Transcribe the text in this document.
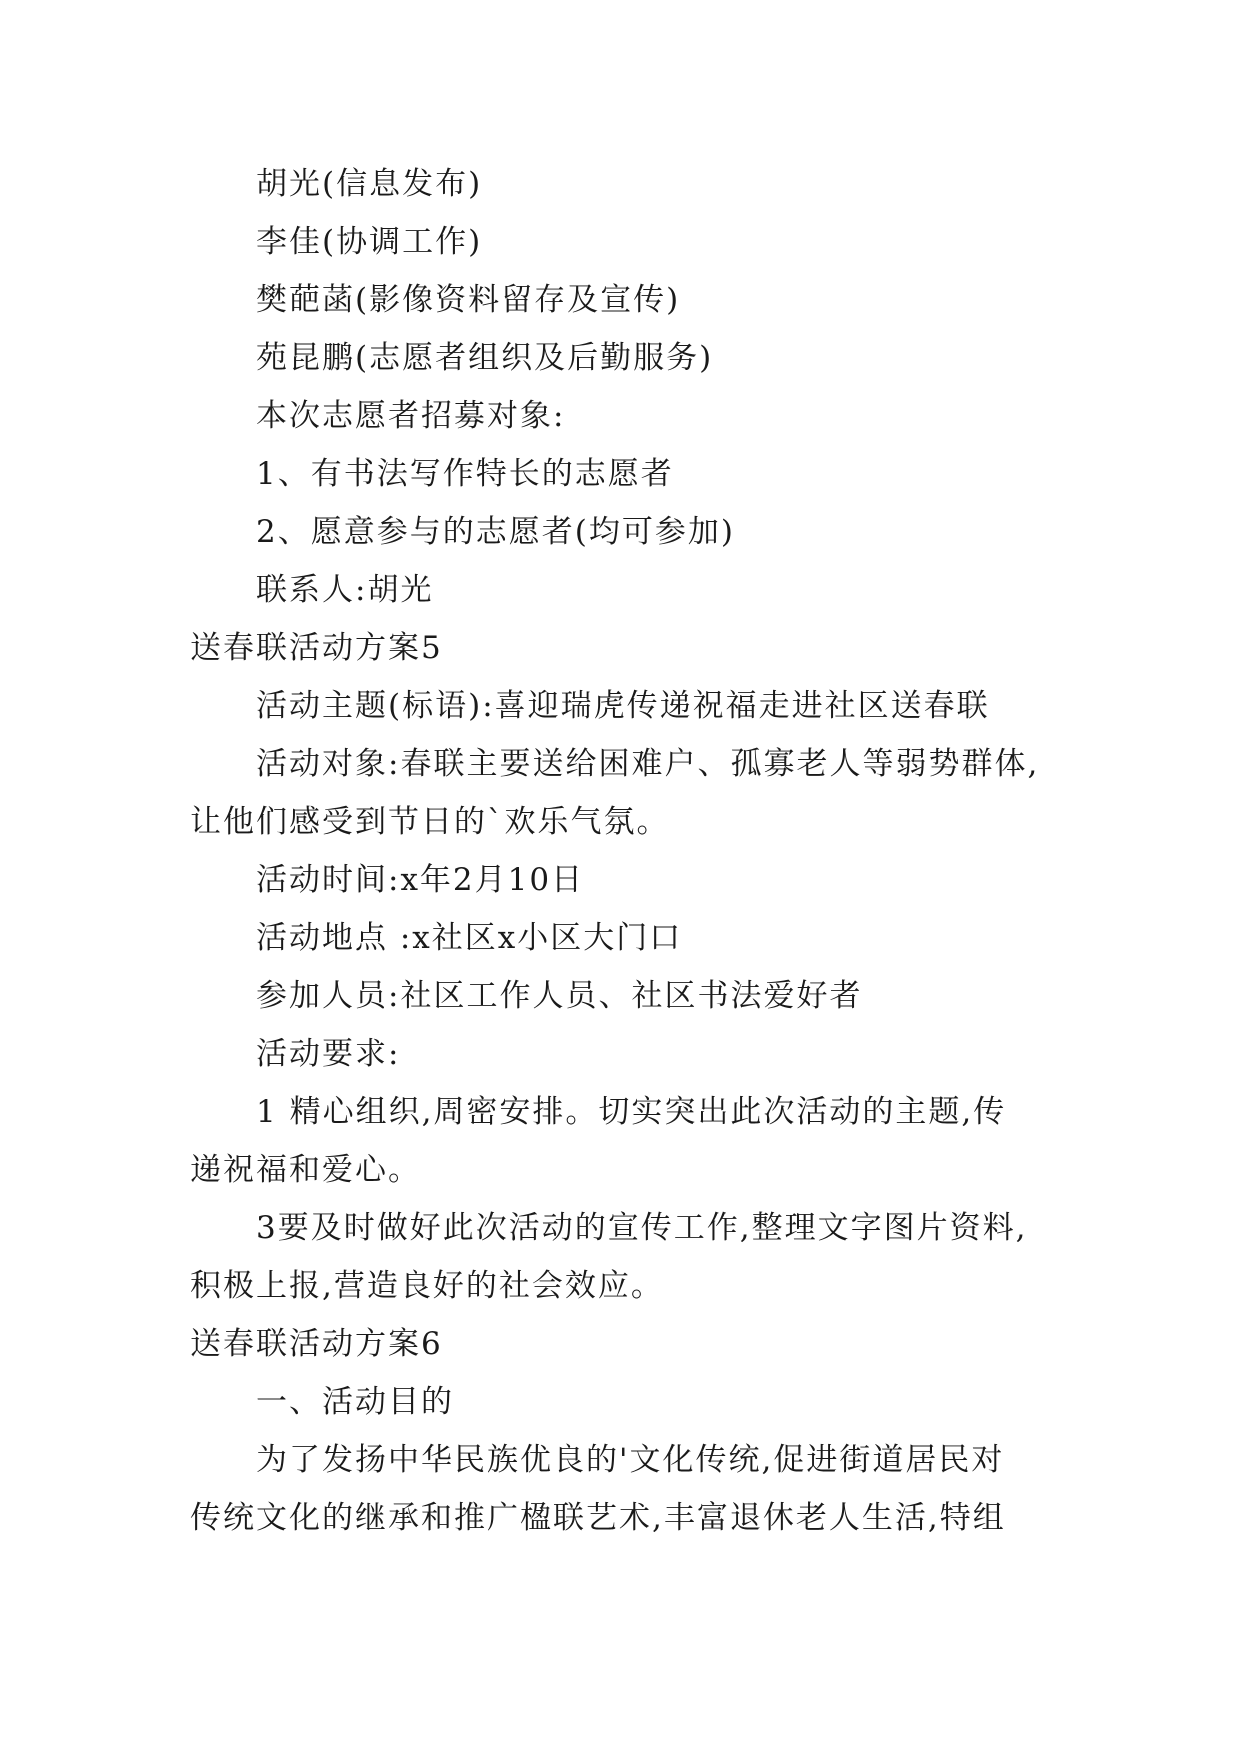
胡光(信息发布)
李佳(协调工作)
樊葩菡(影像资料留存及宣传)
苑昆鹏(志愿者组织及后勤服务)
本次志愿者招募对象:
1、有书法写作特长的志愿者
2、愿意参与的志愿者(均可参加)
联系人:胡光
送春联活动方案5
活动主题(标语):喜迎瑞虎传递祝福走进社区送春联
活动对象:春联主要送给困难户、孤寡老人等弱势群体,
让他们感受到节日的`欢乐气氛。
活动时间:x年2月10日
活动地点 :x社区x小区大门口
参加人员:社区工作人员、社区书法爱好者
活动要求:
1 精心组织,周密安排。切实突出此次活动的主题,传
递祝福和爱心。
3要及时做好此次活动的宣传工作,整理文字图片资料,
积极上报,营造良好的社会效应。
送春联活动方案6
一、活动目的
为了发扬中华民族优良的'文化传统,促进街道居民对
传统文化的继承和推广楹联艺术,丰富退休老人生活,特组
